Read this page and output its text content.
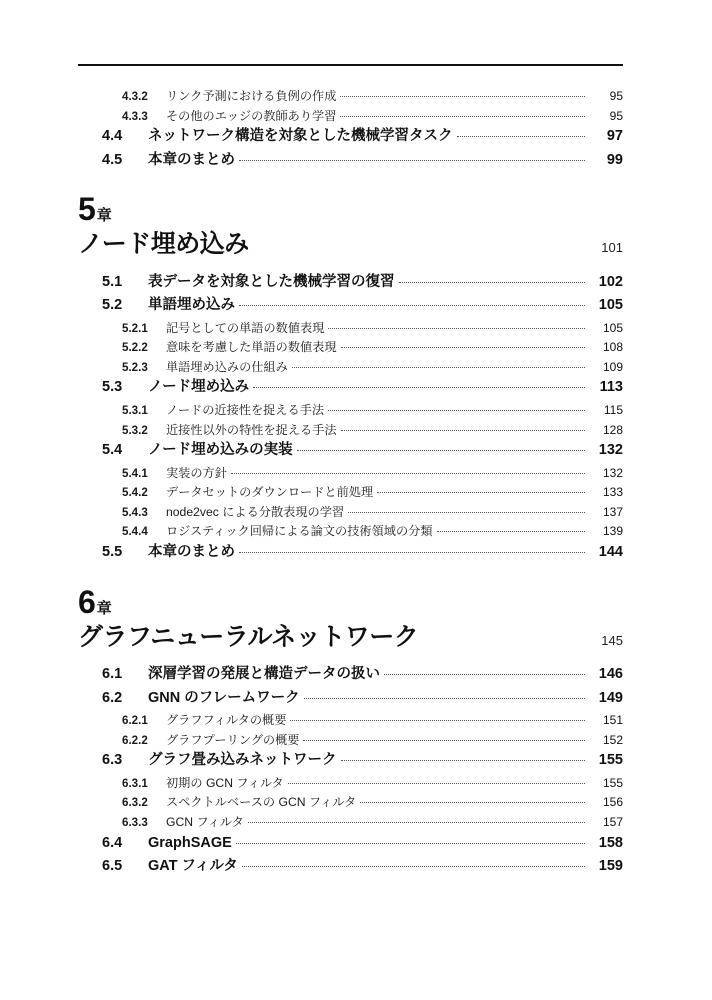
4.3.2	リンク予測における負例の作成	95
4.3.3	その他のエッジの教師あり学習	95
4.4	ネットワーク構造を対象とした機械学習タスク	97
4.5	本章のまとめ	99
5 章
ノード埋め込み	101
5.1	表データを対象とした機械学習の復習	102
5.2	単語埋め込み	105
5.2.1	記号としての単語の数値表現	105
5.2.2	意味を考慮した単語の数値表現	108
5.2.3	単語埋め込みの仕組み	109
5.3	ノード埋め込み	113
5.3.1	ノードの近接性を捉える手法	115
5.3.2	近接性以外の特性を捉える手法	128
5.4	ノード埋め込みの実装	132
5.4.1	実装の方針	132
5.4.2	データセットのダウンロードと前処理	133
5.4.3	node2vec による分散表現の学習	137
5.4.4	ロジスティック回帰による論文の技術領域の分類	139
5.5	本章のまとめ	144
6 章
グラフニューラルネットワーク	145
6.1	深層学習の発展と構造データの扱い	146
6.2	GNN のフレームワーク	149
6.2.1	グラフフィルタの概要	151
6.2.2	グラフプーリングの概要	152
6.3	グラフ畳み込みネットワーク	155
6.3.1	初期の GCN フィルタ	155
6.3.2	スペクトルベースの GCN フィルタ	156
6.3.3	GCN フィルタ	157
6.4	GraphSAGE	158
6.5	GAT フィルタ	159
